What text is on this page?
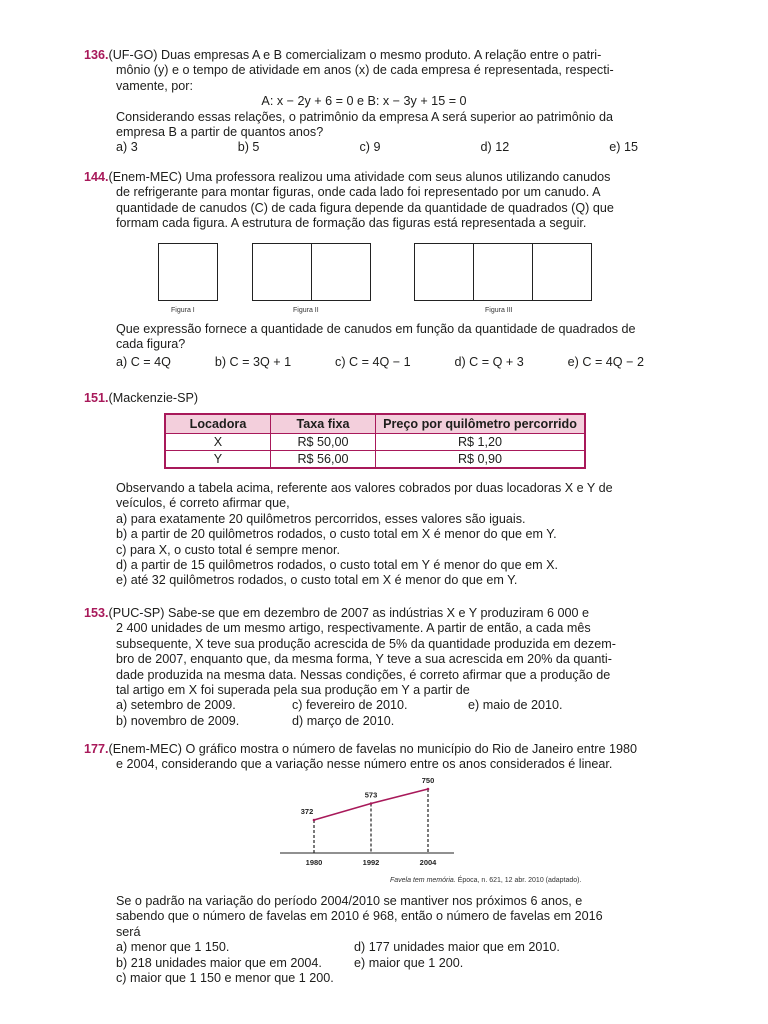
136.(UF-GO) Duas empresas A e B comercializam o mesmo produto. A relação entre o patri-

mônio (y) e o tempo de atividade em anos (x) de cada empresa é representada, respecti-

vamente, por:

A: x − 2y + 6 = 0 e B: x − 3y + 15 = 0

Considerando essas relações, o patrimônio da empresa A será superior ao patrimônio da

empresa B a partir de quantos anos?

a) 3	b) 5	c) 9	d) 12	e) 15

144.(Enem-MEC) Uma professora realizou uma atividade com seus alunos utilizando canudos

de refrigerante para montar figuras, onde cada lado foi representado por um canudo. A

quantidade de canudos (C) de cada figura depende da quantidade de quadrados (Q) que

formam cada figura. A estrutura de formação das figuras está representada a seguir.

Figura I	Figura II	Figura III

Que expressão fornece a quantidade de canudos em função da quantidade de quadrados de

cada figura?

a) C = 4Q	b) C = 3Q + 1	c) C = 4Q − 1	d) C = Q + 3	e) C = 4Q − 2

151.(Mackenzie-SP)

Locadora	Taxa fixa	Preço por quilômetro percorrido
X	R$ 50,00	R$ 1,20
Y	R$ 56,00	R$ 0,90

Observando a tabela acima, referente aos valores cobrados por duas locadoras X e Y de

veículos, é correto afirmar que,

a) para exatamente 20 quilômetros percorridos, esses valores são iguais.

b) a partir de 20 quilômetros rodados, o custo total em X é menor do que em Y.

c) para X, o custo total é sempre menor.

d) a partir de 15 quilômetros rodados, o custo total em Y é menor do que em X.

e) até 32 quilômetros rodados, o custo total em X é menor do que em Y.

153.(PUC-SP) Sabe-se que em dezembro de 2007 as indústrias X e Y produziram 6 000 e

2 400 unidades de um mesmo artigo, respectivamente. A partir de então, a cada mês

subsequente, X teve sua produção acrescida de 5% da quantidade produzida em dezem-

bro de 2007, enquanto que, da mesma forma, Y teve a sua acrescida em 20% da quanti-

dade produzida na mesma data. Nessas condições, é correto afirmar que a produção de

tal artigo em X foi superada pela sua produção em Y a partir de

a) setembro de 2009.	c) fevereiro de 2010.	e) maio de 2010.
b) novembro de 2009.	d) março de 2010.

177.(Enem-MEC) O gráfico mostra o número de favelas no município do Rio de Janeiro entre 1980

e 2004, considerando que a variação nesse número entre os anos considerados é linear.

1980
372
1992
573
2004
750
Favela tem memória. Época, n. 621, 12 abr. 2010 (adaptado).

Se o padrão na variação do período 2004/2010 se mantiver nos próximos 6 anos, e

sabendo que o número de favelas em 2010 é 968, então o número de favelas em 2016

será

a) menor que 1 150.

b) 218 unidades maior que em 2004.

c) maior que 1 150 e menor que 1 200.

d) 177 unidades maior que em 2010.

e) maior que 1 200.
